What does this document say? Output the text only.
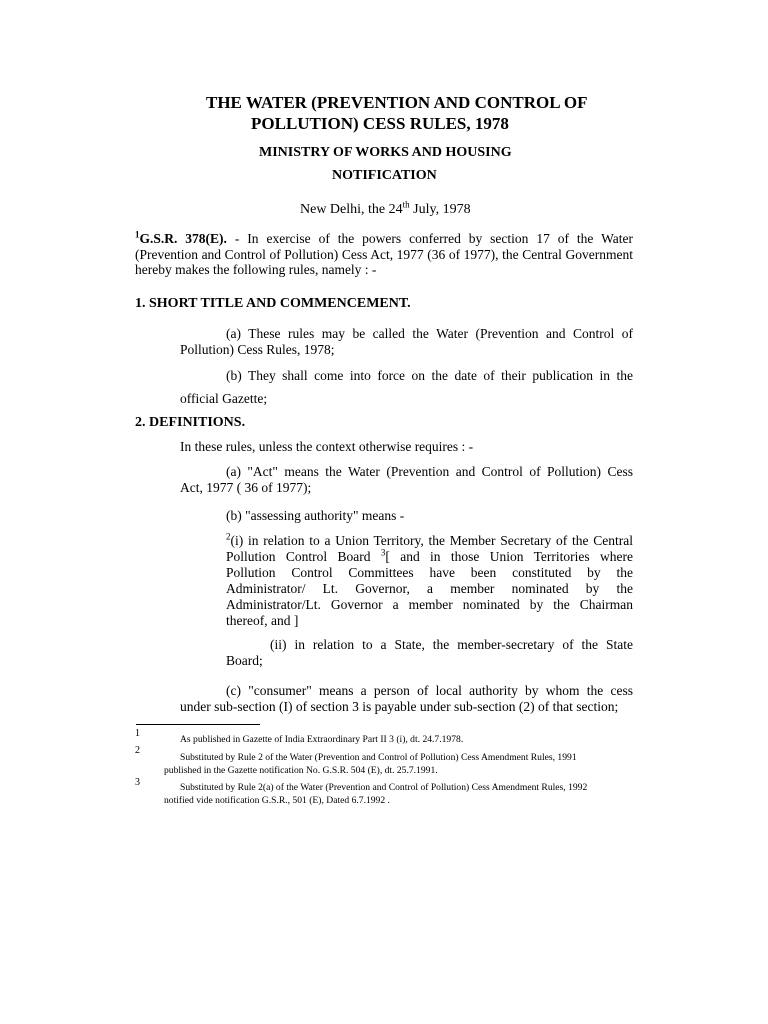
THE WATER (PREVENTION AND CONTROL OF
POLLUTION) CESS RULES, 1978
MINISTRY OF WORKS AND HOUSING
NOTIFICATION
New Delhi, the 24th July, 1978
$^1$G.S.R. 378(E). - In exercise of the powers conferred by section 17 of the Water (Prevention and Control of Pollution) Cess Act, 1977 (36 of 1977), the Central Government hereby makes the following rules, namely : -
1. SHORT TITLE AND COMMENCEMENT.
(a) These rules may be called the Water (Prevention and Control of
Pollution) Cess Rules, 1978;
(b) They shall come into force on the date of their publication in the
official Gazette;
2. DEFINITIONS.
In these rules, unless the context otherwise requires : -
(a) "Act" means the Water (Prevention and Control of Pollution) Cess
Act, 1977 ( 36 of 1977);
(b) "assessing authority" means -
$^2$(i) in relation to a Union Territory, the Member Secretary of the Central
Pollution Control Board $^3$[ and in those Union Territories where
Pollution Control Committees have been constituted by the
Administrator/ Lt. Governor, a member nominated by the
Administrator/Lt. Governor a member nominated by the Chairman
thereof, and ]
(ii) in relation to a State, the member-secretary of the State
Board;
(c) "consumer" means a person of local authority by whom the cess
under sub-section (I) of section 3 is payable under sub-section (2) of that section;
1
As published in Gazette of India Extraordinary Part II 3 (i), dt. 24.7.1978.
2
Substituted by Rule 2 of the Water (Prevention and Control of Pollution) Cess Amendment Rules, 1991
published in the Gazette notification No. G.S.R. 504 (E), dt. 25.7.1991.
3	Substituted by Rule 2(a) of the Water (Prevention and Control of Pollution) Cess Amendment Rules, 1992
notified vide notification G.S.R., 501 (E), Dated 6.7.1992 .
